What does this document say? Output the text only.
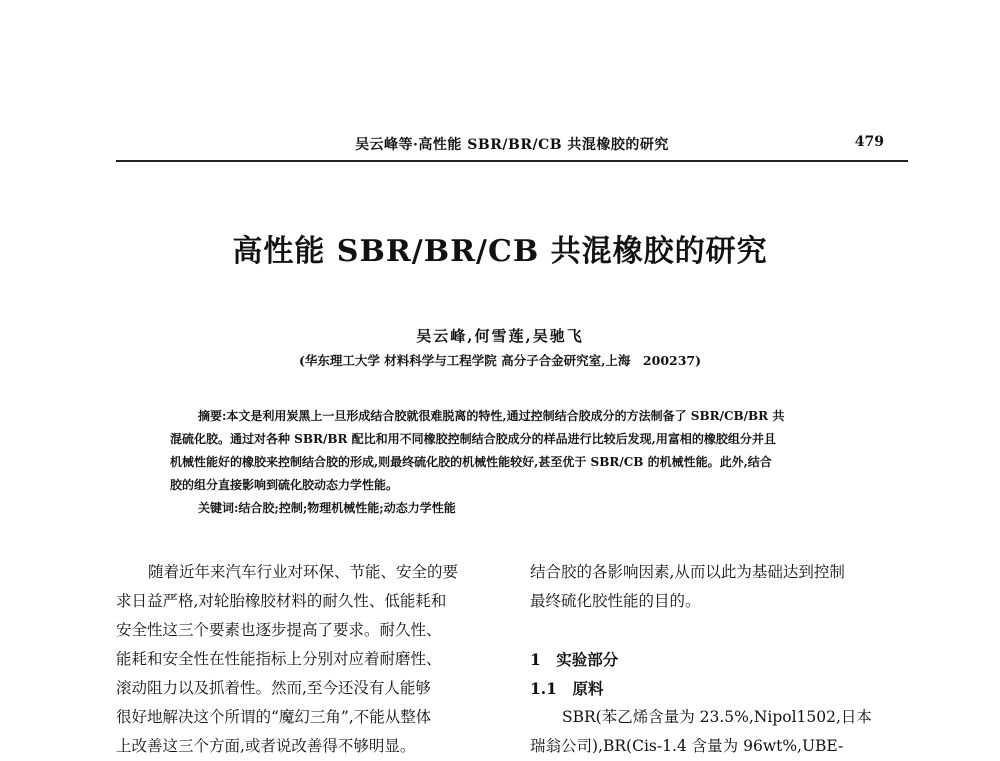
吴云峰等·高性能 SBR/BR/CB 共混橡胶的研究	479
高性能 SBR/BR/CB 共混橡胶的研究
吴云峰,何雪莲,吴驰飞
(华东理工大学 材料科学与工程学院 高分子合金研究室,上海　200237)
摘要:本文是利用炭黑上一旦形成结合胶就很难脱离的特性,通过控制结合胶成分的方法制备了 SBR/CB/BR 共
混硫化胶。通过对各种 SBR/BR 配比和用不同橡胶控制结合胶成分的样品进行比较后发现,用富相的橡胶组分并且
机械性能好的橡胶来控制结合胶的形成,则最终硫化胶的机械性能较好,甚至优于 SBR/CB 的机械性能。此外,结合
胶的组分直接影响到硫化胶动态力学性能。
关键词:结合胶;控制;物理机械性能;动态力学性能
随着近年来汽车行业对环保、节能、安全的要
求日益严格,对轮胎橡胶材料的耐久性、低能耗和
安全性这三个要素也逐步提高了要求。耐久性、
能耗和安全性在性能指标上分别对应着耐磨性、
滚动阻力以及抓着性。然而,至今还没有人能够
很好地解决这个所谓的“魔幻三角”,不能从整体
上改善这三个方面,或者说改善得不够明显。
结合胶的各影响因素,从而以此为基础达到控制
最终硫化胶性能的目的。
1　实验部分
1.1　原料
SBR(苯乙烯含量为 23.5%,Nipol1502,日本
瑞翁公司),BR(Cis-1.4 含量为 96wt%,UBE-
